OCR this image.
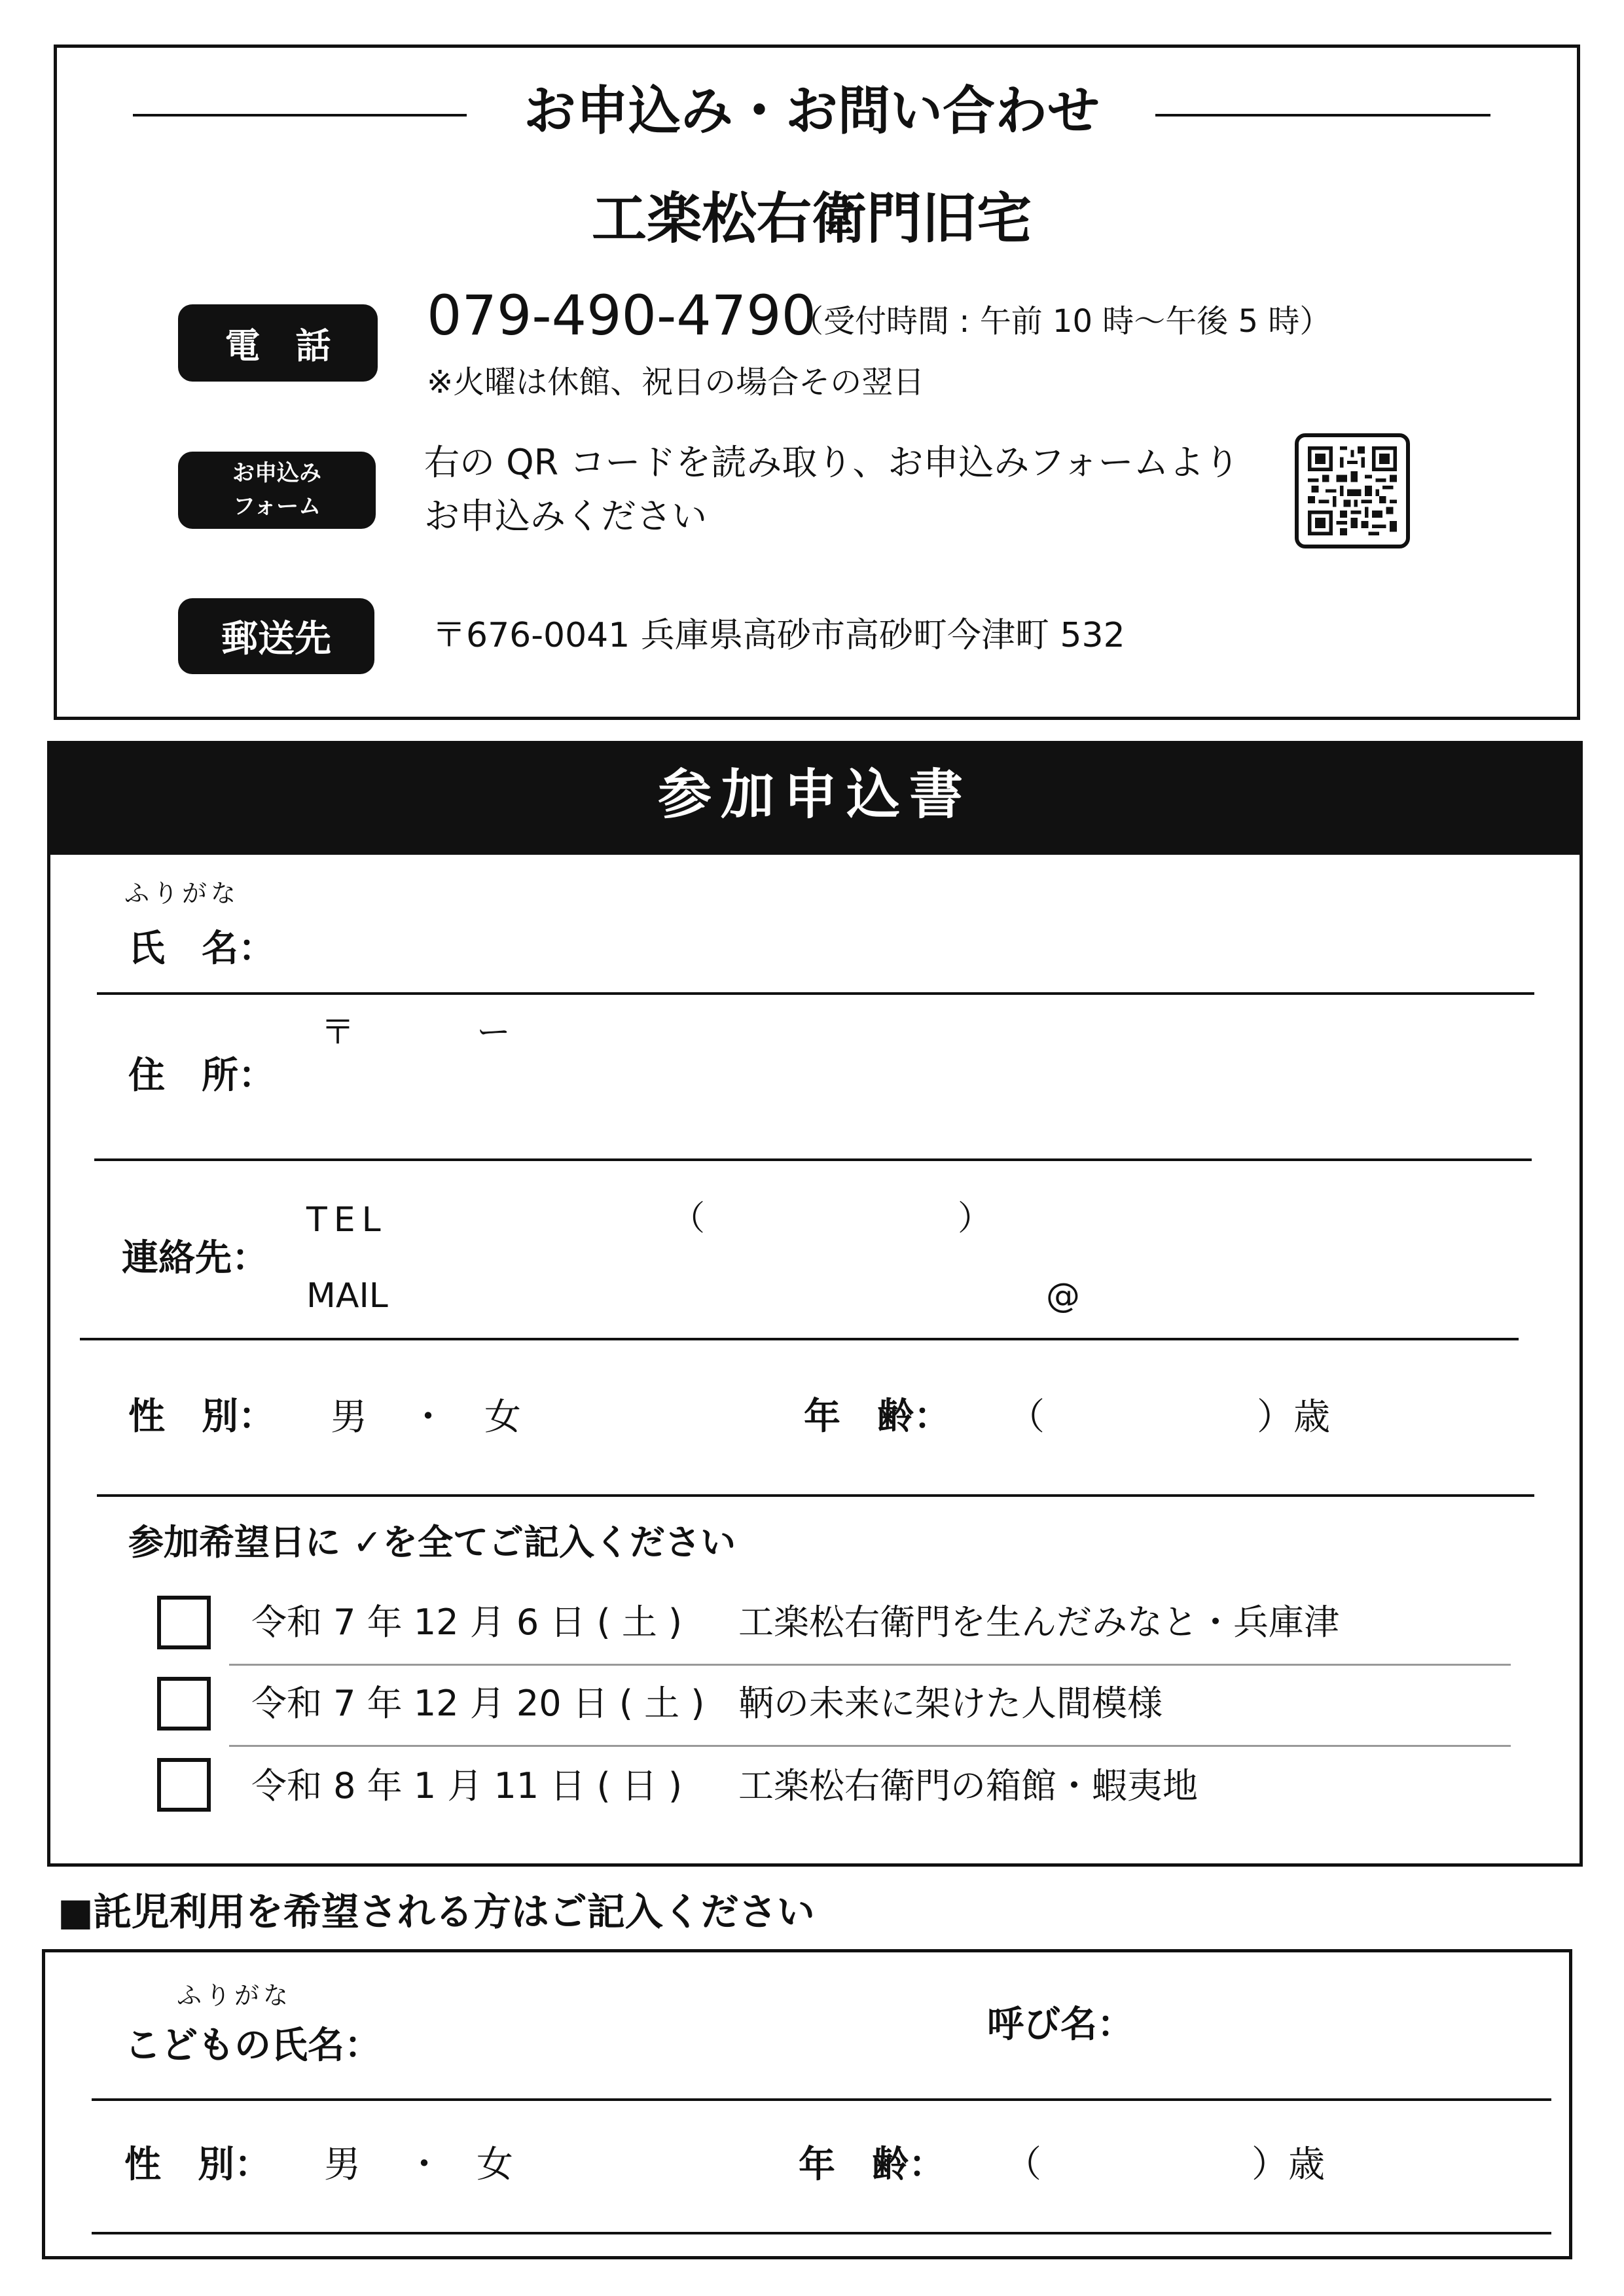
お申込み・お問い合わせ
工楽松右衛門旧宅
電　話	079-490-4790
（受付時間 : 午前 10 時〜午後 5 時）
※火曜は休館、祝日の場合その翌日
お申込み
フォーム
右の QR コードを読み取り、お申込みフォームより
お申込みください
郵送先	〒676-0041 兵庫県高砂市高砂町今津町 532
参加申込書
ふりがな
氏　名：
〒	ー
住　所：
連絡先：
TEL	（	）
MAIL	@
性　別： 男 ・ 女	年　齢： （	）歳
参加希望日に ✓を全てご記入ください
令和 7 年 12 月 6 日 ( 土 ) 工楽松右衛門を生んだみなと・兵庫津
令和 7 年 12 月 20 日 ( 土 ) 鞆の未来に架けた人間模様
令和 8 年 1 月 11 日 ( 日 ) 工楽松右衛門の箱館・蝦夷地
■託児利用を希望される方はご記入ください
ふりがな
こどもの氏名：	呼び名：
性　別： 男 ・ 女	年　齢： （	）歳
